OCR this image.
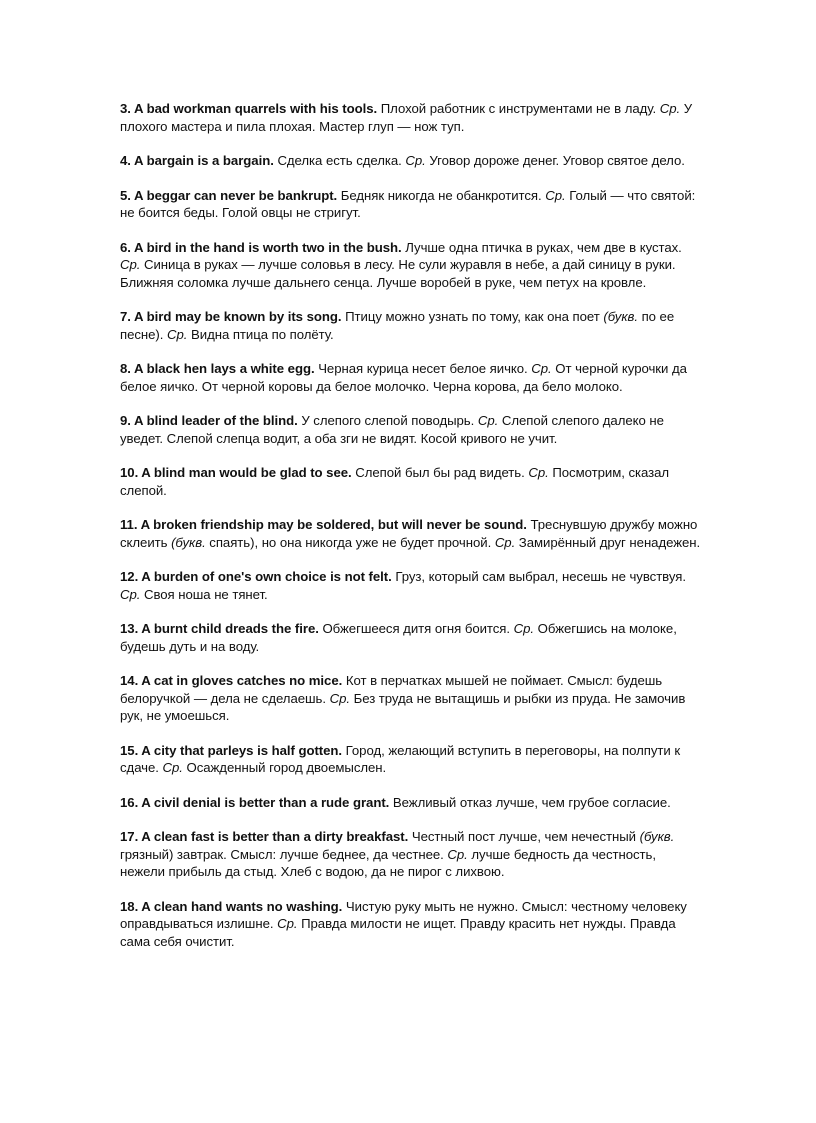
3. A bad workman quarrels with his tools. Плохой работник с инструментами не в ладу. Ср. У плохого мастера и пила плохая. Мастер глуп — нож туп.

4. A bargain is a bargain. Сделка есть сделка. Ср. Уговор дороже денег. Уговор святое дело.

5. A beggar can never be bankrupt. Бедняк никогда не обанкротится. Ср. Голый — что святой: не боится беды. Голой овцы не стригут.

6. A bird in the hand is worth two in the bush. Лучше одна птичка в руках, чем две в кустах. Ср. Синица в руках — лучше соловья в лесу. Не сули журавля в небе, а дай синицу в руки. Ближняя соломка лучше дальнего сенца. Лучше воробей в руке, чем петух на кровле.

7. A bird may be known by its song. Птицу можно узнать по тому, как она поет (букв. по ее песне). Ср. Видна птица по полёту.

8. A black hen lays a white egg. Черная курица несет белое яичко. Ср. От черной курочки да белое яичко. От черной коровы да белое молочко. Черна корова, да бело молоко.

9. A blind leader of the blind. У слепого слепой поводырь. Ср. Слепой слепого далеко не уведет. Слепой слепца водит, а оба зги не видят. Косой кривого не учит.

10. A blind man would be glad to see. Слепой был бы рад видеть. Ср. Посмотрим, сказал слепой.

11. A broken friendship may be soldered, but will never be sound. Треснувшую дружбу можно склеить (букв. спаять), но она никогда уже не будет прочной. Ср. Замирённый друг ненадежен.

12. A burden of one's own choice is not felt. Груз, который сам выбрал, несешь не чувствуя. Ср. Своя ноша не тянет.

13. A burnt child dreads the fire. Обжегшееся дитя огня боится. Ср. Обжегшись на молоке, будешь дуть и на воду.

14. A cat in gloves catches no mice. Кот в перчатках мышей не поймает. Смысл: будешь белоручкой — дела не сделаешь. Ср. Без труда не вытащишь и рыбки из пруда. Не замочив рук, не умоешься.

15. A city that parleys is half gotten. Город, желающий вступить в переговоры, на полпути к сдаче. Ср. Осажденный город двоемыслен.

16. A civil denial is better than a rude grant. Вежливый отказ лучше, чем грубое согласие.

17. A clean fast is better than a dirty breakfast. Честный пост лучше, чем нечестный (букв. грязный) завтрак. Смысл: лучше беднее, да честнее. Ср. лучше бедность да честность, нежели прибыль да стыд. Хлеб с водою, да не пирог с лихвою.

18. A clean hand wants no washing. Чистую руку мыть не нужно. Смысл: честному человеку оправдываться излишне. Ср. Правда милости не ищет. Правду красить нет нужды. Правда сама себя очистит.
